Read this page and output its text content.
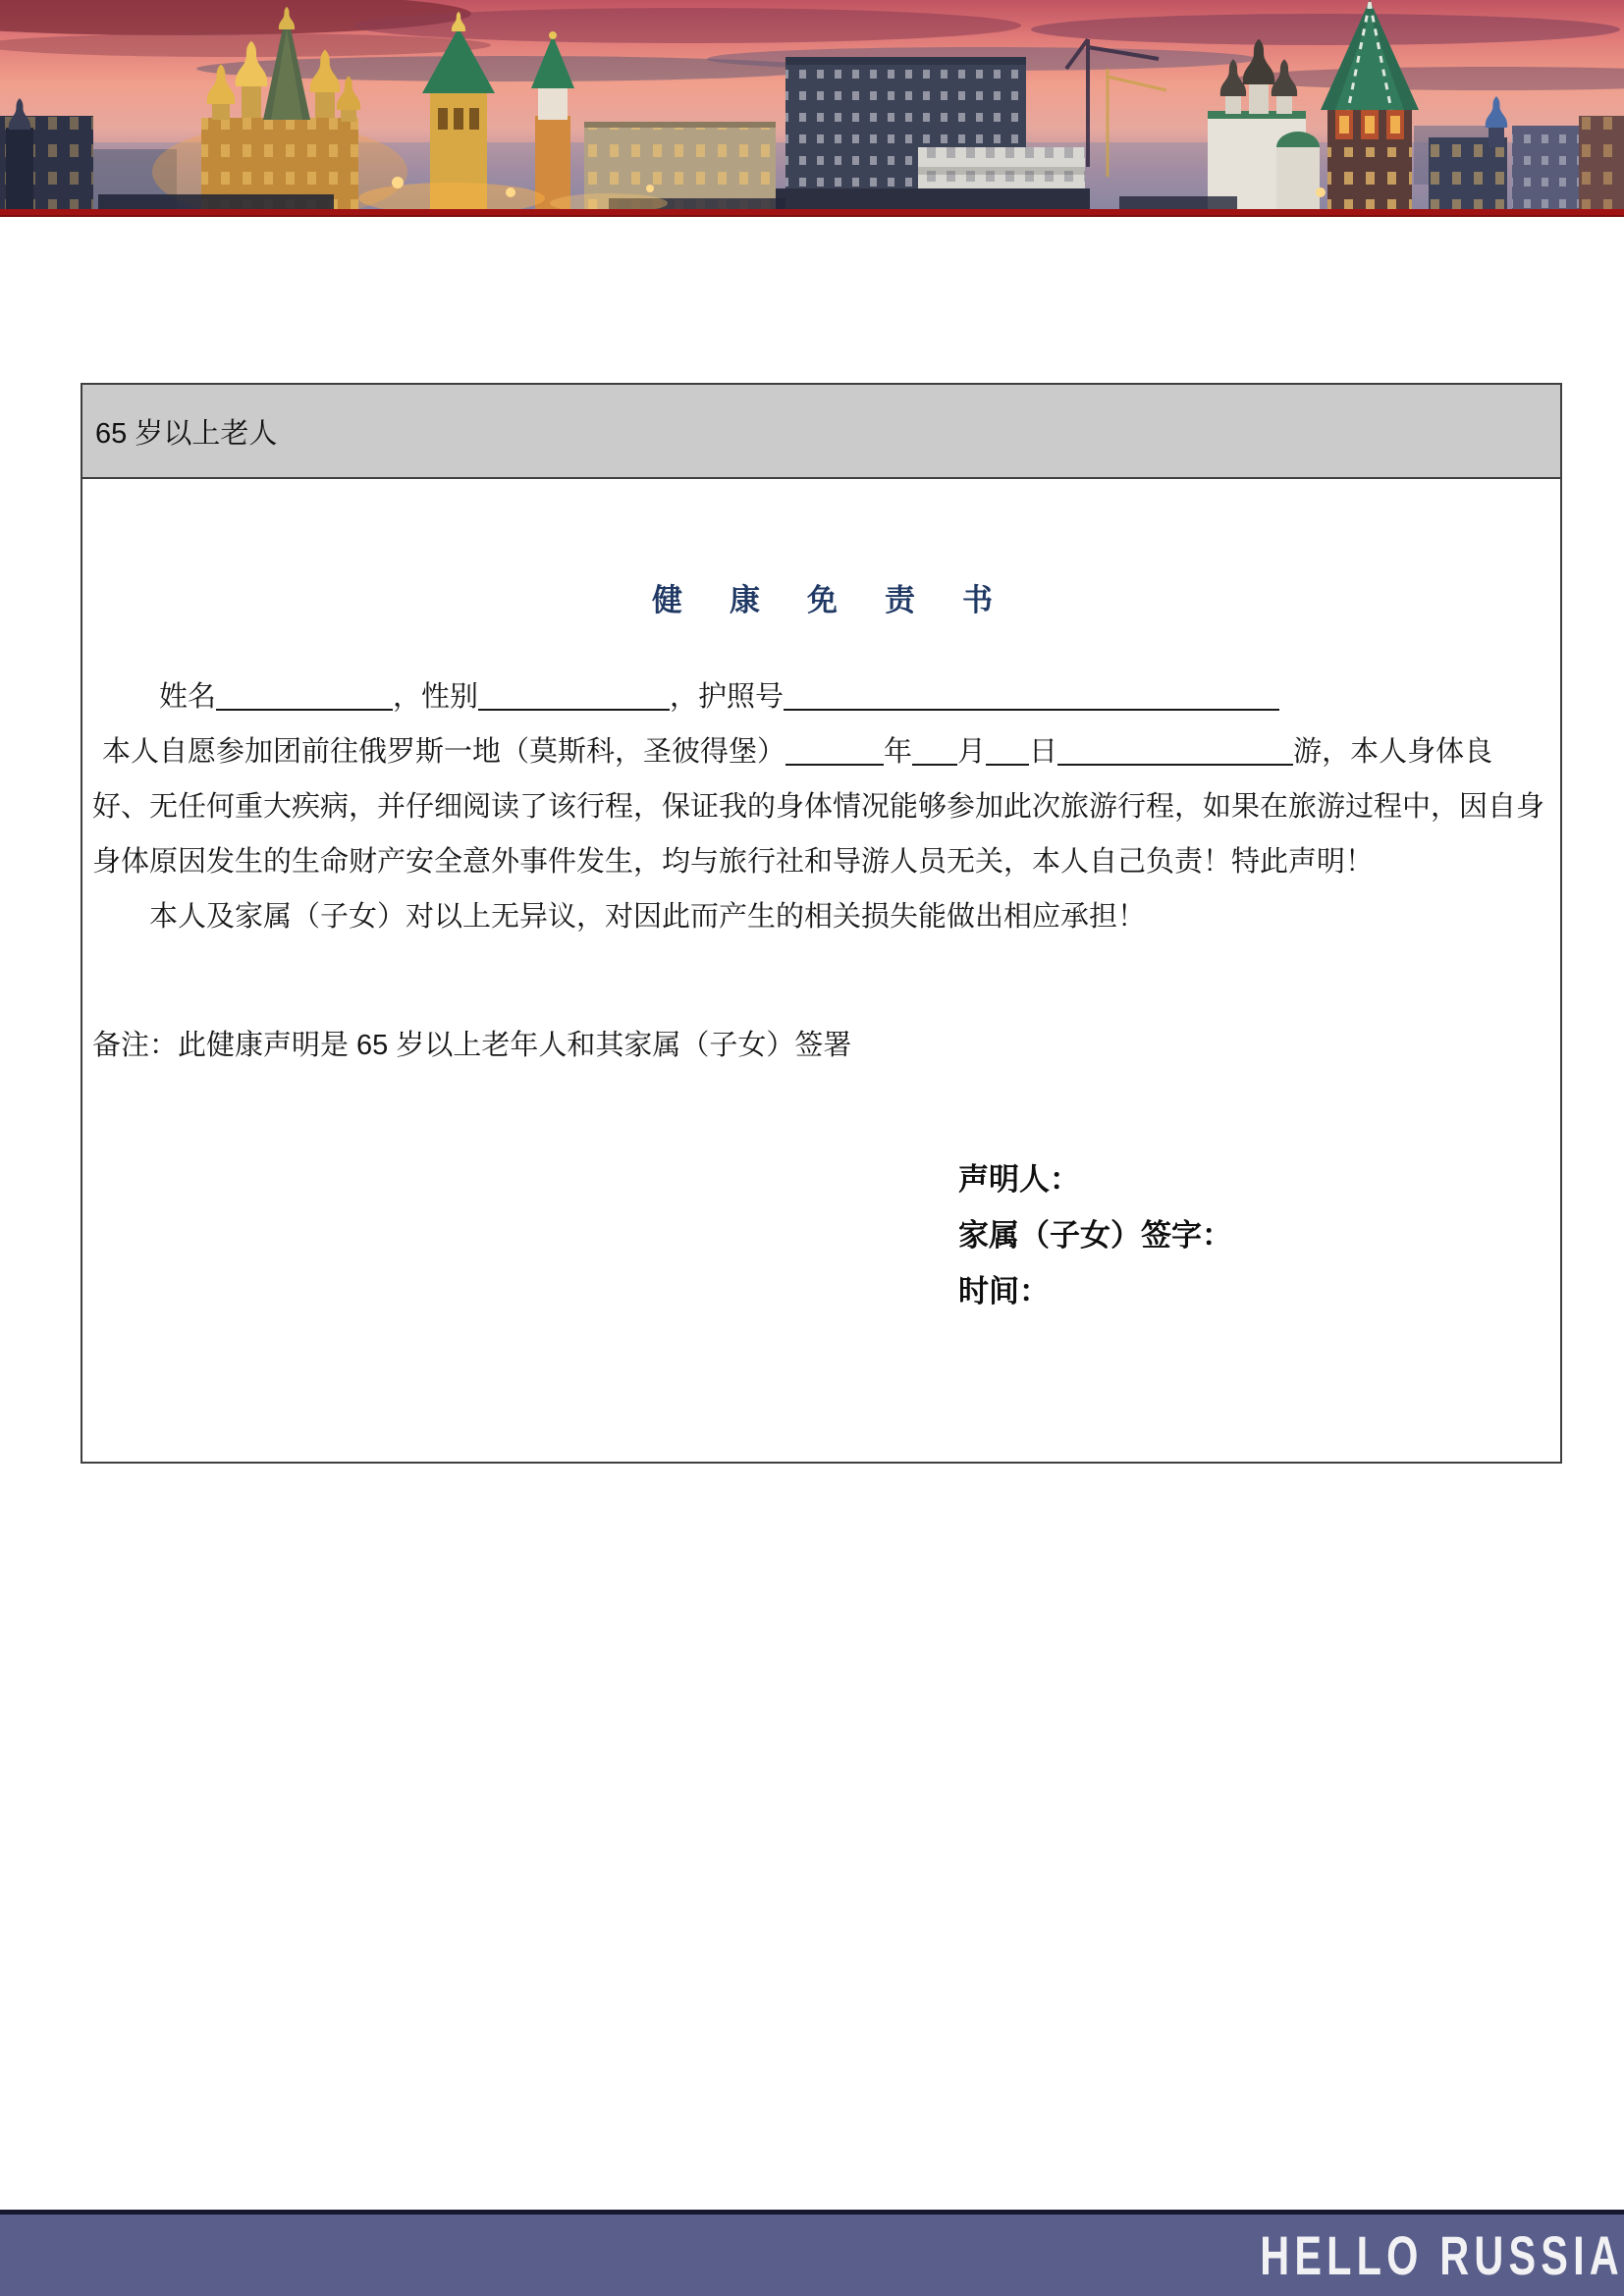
65 岁以上老人
健康免责书
姓名	，性别	，护照号
本人自愿参加团前往俄罗斯一地（莫斯科，圣彼得堡）	年 月 日	游，本人身体良
好、无任何重大疾病，并仔细阅读了该行程，保证我的身体情况能够参加此次旅游行程，如果在旅游过程中，因自身
身体原因发生的生命财产安全意外事件发生，均与旅行社和导游人员无关，本人自己负责！特此声明！
本人及家属（子女）对以上无异议，对因此而产生的相关损失能做出相应承担！
备注：此健康声明是 65 岁以上老年人和其家属（子女）签署
声明人：
家属（子女）签字：
时间：
HELLO RUSSIA
